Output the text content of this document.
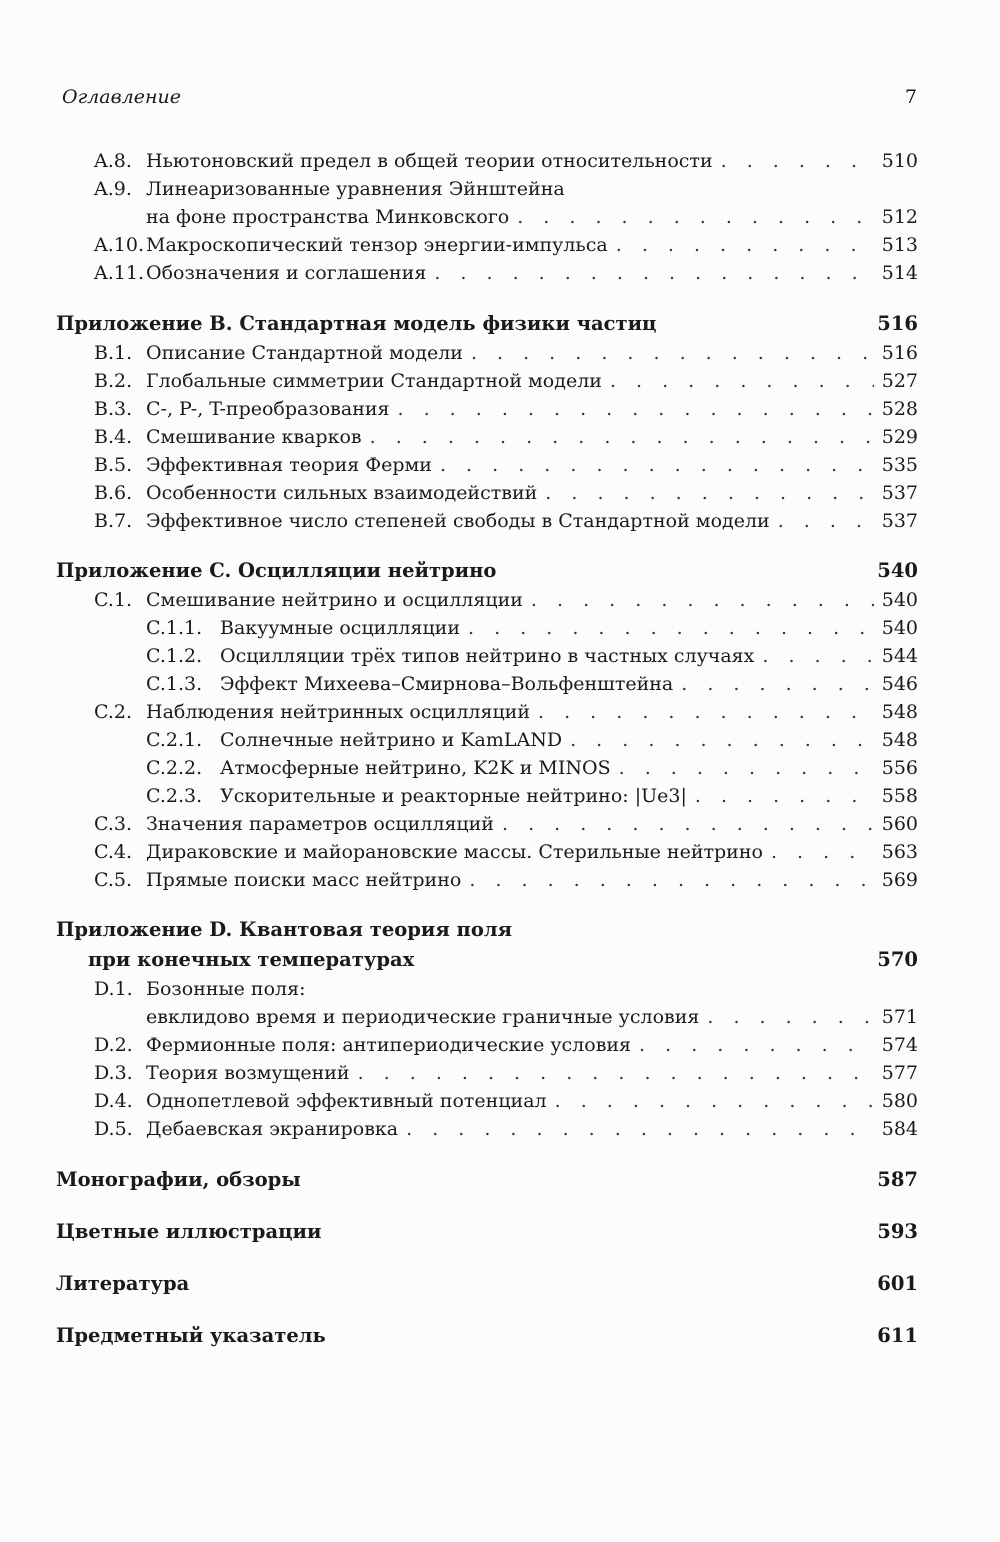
Оглавление	7
A.8. Ньютоновский предел в общей теории относительности . . .	510
A.9. Линеаризованные уравнения Эйнштейна
на фоне пространства Минковского . . .	512
A.10. Макроскопический тензор энергии-импульса . . .	513
A.11. Обозначения и соглашения . . .	514
Приложение B. Стандартная модель физики частиц	516
B.1. Описание Стандартной модели . . .	516
B.2. Глобальные симметрии Стандартной модели . . .	527
B.3. C-, P-, T-преобразования . . .	528
B.4. Смешивание кварков . . .	529
B.5. Эффективная теория Ферми . . .	535
B.6. Особенности сильных взаимодействий . . .	537
B.7. Эффективное число степеней свободы в Стандартной модели . . .	537
Приложение C. Осцилляции нейтрино	540
C.1. Смешивание нейтрино и осцилляции . . .	540
C.1.1. Вакуумные осцилляции . . .	540
C.1.2. Осцилляции трёх типов нейтрино в частных случаях . . .	544
C.1.3. Эффект Михеева–Смирнова–Вольфенштейна . . .	546
C.2. Наблюдения нейтринных осцилляций . . .	548
C.2.1. Солнечные нейтрино и KamLAND . . .	548
C.2.2. Атмосферные нейтрино, K2K и MINOS . . .	556
C.2.3. Ускорительные и реакторные нейтрино: |Ue3| . . .	558
C.3. Значения параметров осцилляций . . .	560
C.4. Дираковские и майорановские массы. Стерильные нейтрино . . .	563
C.5. Прямые поиски масс нейтрино . . .	569
Приложение D. Квантовая теория поля
при конечных температурах	570
D.1. Бозонные поля:
евклидово время и периодические граничные условия . . .	571
D.2. Фермионные поля: антипериодические условия . . .	574
D.3. Теория возмущений . . .	577
D.4. Однопетлевой эффективный потенциал . . .	580
D.5. Дебаевская экранировка . . .	584
Монографии, обзоры	587
Цветные иллюстрации	593
Литература	601
Предметный указатель	611
